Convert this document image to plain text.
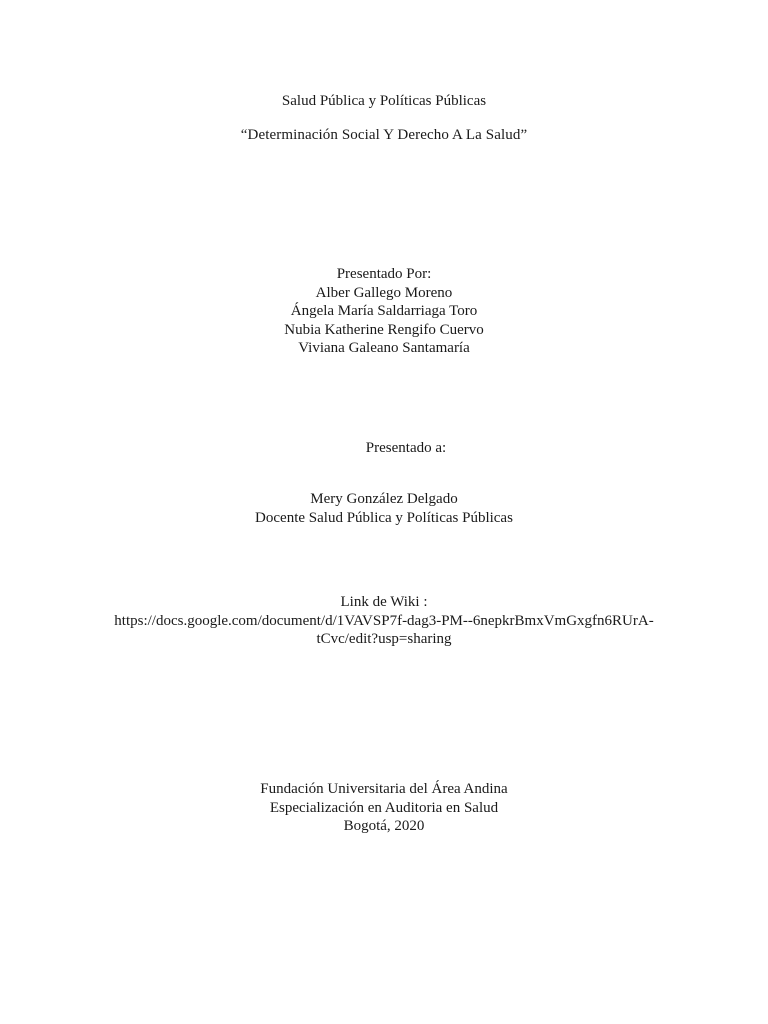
Salud Pública y Políticas Públicas
“Determinación Social Y Derecho A La Salud”
Presentado Por:
Alber Gallego Moreno
Ángela María Saldarriaga Toro
Nubia Katherine Rengifo Cuervo
Viviana Galeano Santamaría
Presentado a:
Mery González Delgado
Docente Salud Pública y Políticas Públicas
Link de Wiki :
https://docs.google.com/document/d/1VAVSP7f-dag3-PM--6nepkrBmxVmGxgfn6RUrA-
tCvc/edit?usp=sharing
Fundación Universitaria del Área Andina
Especialización en Auditoria en Salud
Bogotá, 2020
